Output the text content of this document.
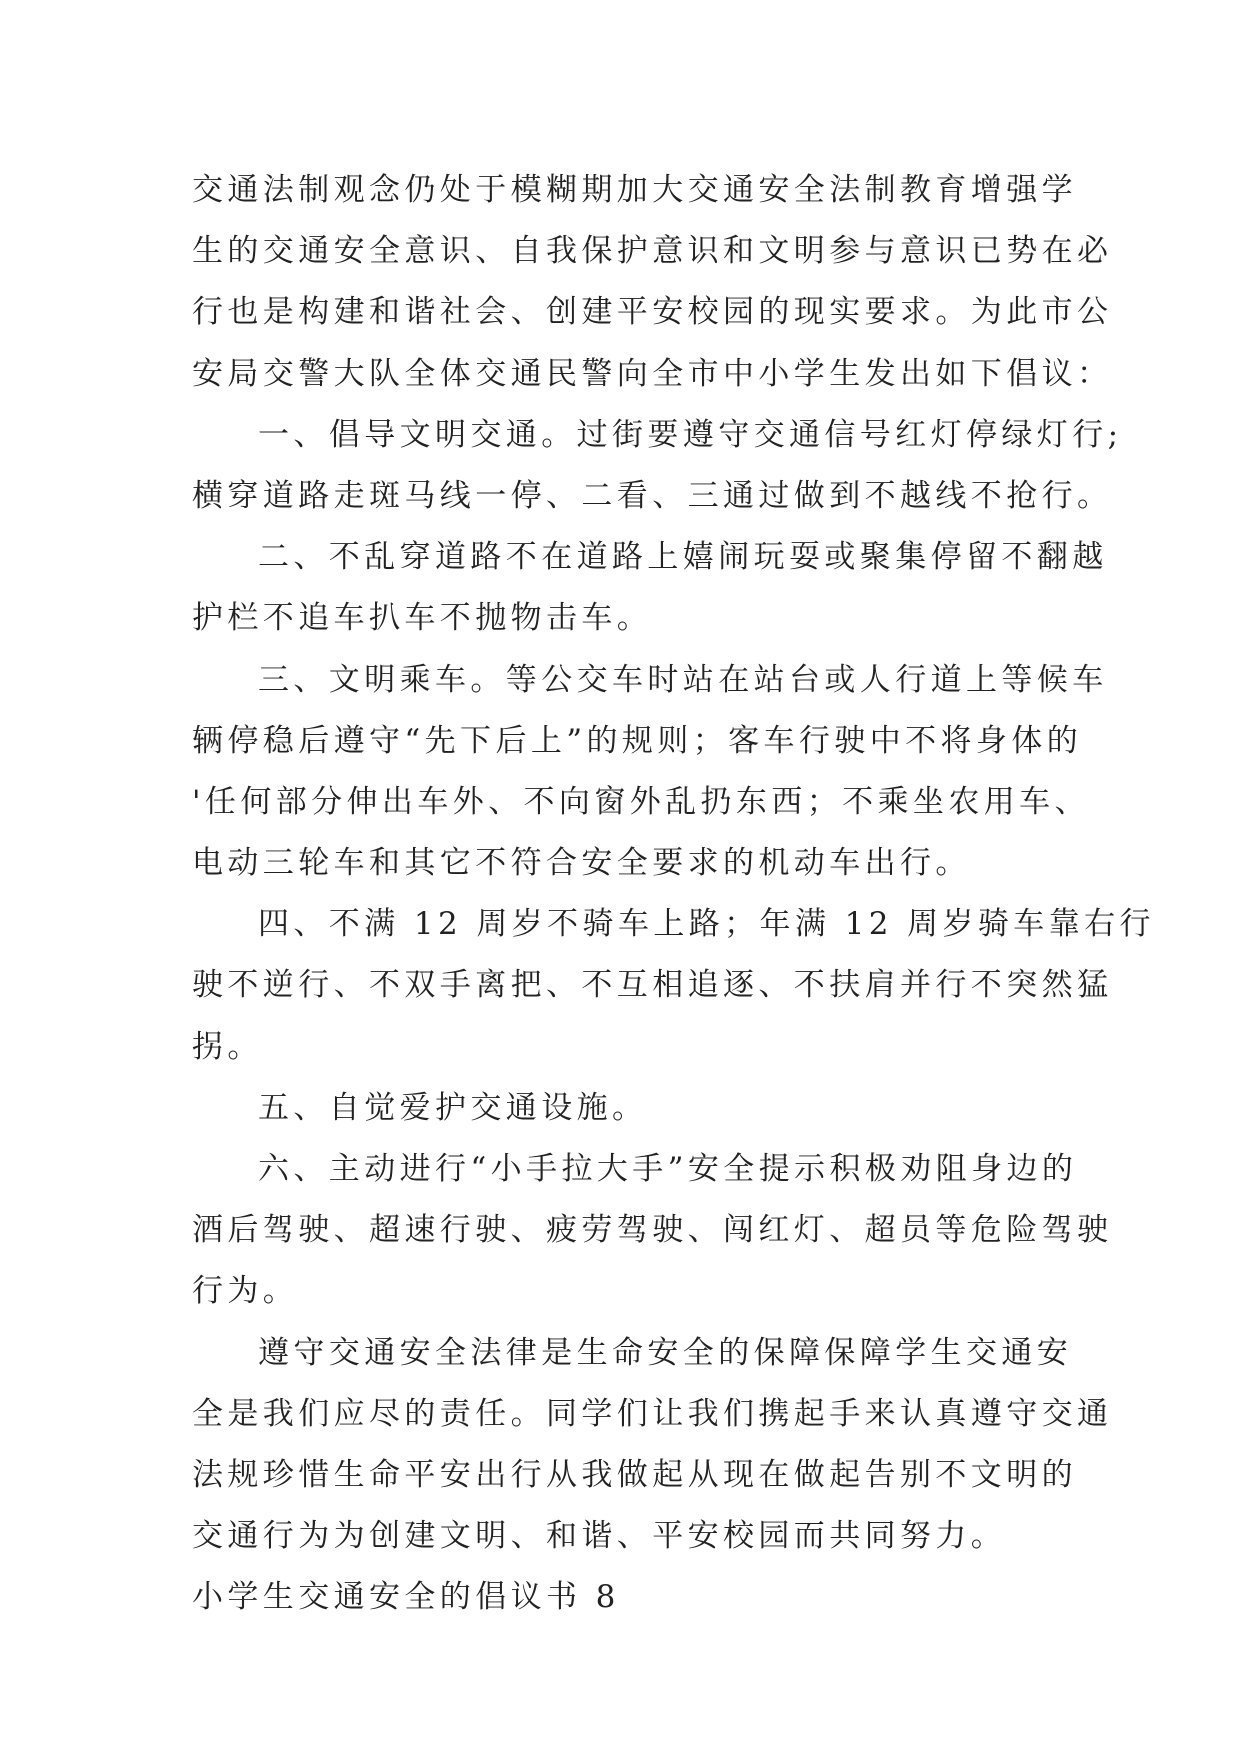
交通法制观念仍处于模糊期加大交通安全法制教育增强学
生的交通安全意识、自我保护意识和文明参与意识已势在必
行也是构建和谐社会、创建平安校园的现实要求。为此市公
安局交警大队全体交通民警向全市中小学生发出如下倡议：
一、倡导文明交通。过街要遵守交通信号红灯停绿灯行;
横穿道路走斑马线一停、二看、三通过做到不越线不抢行。
二、不乱穿道路不在道路上嬉闹玩耍或聚集停留不翻越
护栏不追车扒车不抛物击车。
三、文明乘车。等公交车时站在站台或人行道上等候车
辆停稳后遵守“先下后上”的规则；客车行驶中不将身体的
'任何部分伸出车外、不向窗外乱扔东西；不乘坐农用车、
电动三轮车和其它不符合安全要求的机动车出行。
四、不满 12 周岁不骑车上路；年满 12 周岁骑车靠右行
驶不逆行、不双手离把、不互相追逐、不扶肩并行不突然猛
拐。
五、自觉爱护交通设施。
六、主动进行“小手拉大手”安全提示积极劝阻身边的
酒后驾驶、超速行驶、疲劳驾驶、闯红灯、超员等危险驾驶
行为。
遵守交通安全法律是生命安全的保障保障学生交通安
全是我们应尽的责任。同学们让我们携起手来认真遵守交通
法规珍惜生命平安出行从我做起从现在做起告别不文明的
交通行为为创建文明、和谐、平安校园而共同努力。
小学生交通安全的倡议书 8
